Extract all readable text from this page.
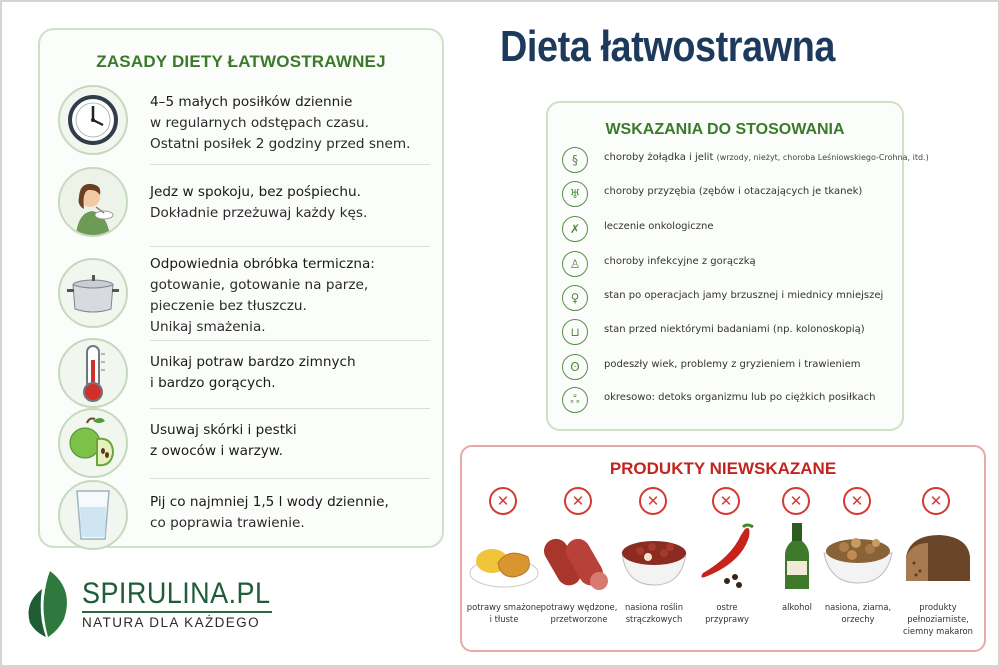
ZASADY DIETY ŁATWOSTRAWNEJ
4–5 małych posiłków dziennie
w regularnych odstępach czasu.
Ostatni posiłek 2 godziny przed snem.
Jedz w spokoju, bez pośpiechu.
Dokładnie przeżuwaj każdy kęs.
Odpowiednia obróbka termiczna:
gotowanie, gotowanie na parze,
pieczenie bez tłuszczu.
Unikaj smażenia.
Unikaj potraw bardzo zimnych
i bardzo gorących.
Usuwaj skórki i pestki
z owoców i warzyw.
Pij co najmniej 1,5 l wody dziennie,
co poprawia trawienie.
Dieta łatwostrawna
WSKAZANIA DO STOSOWANIA
§	choroby żołądka i jelit (wrzody, nieżyt, choroba Leśniowskiego-Crohna, itd.)
♅	choroby przyzębia (zębów i otaczających je tkanek)
✗	leczenie onkologiczne
♙	choroby infekcyjne z gorączką
♀	stan po operacjach jamy brzusznej i miednicy mniejszej
⊔	stan przed niektórymi badaniami (np. kolonoskopią)
ʘ	podeszły wiek, problemy z gryzieniem i trawieniem
ஃ	okresowo: detoks organizmu lub po ciężkich posiłkach
PRODUKTY NIEWSKAZANE
✕
potrawy smażone
i tłuste
✕
potrawy wędzone,
przetworzone
✕
nasiona roślin
strączkowych
✕
ostre
przyprawy
✕
alkohol
✕
nasiona, ziarna,
orzechy
✕
produkty pełnoziarniste,
ciemny makaron
SPIRULINA.PL
NATURA DLA KAŻDEGO
